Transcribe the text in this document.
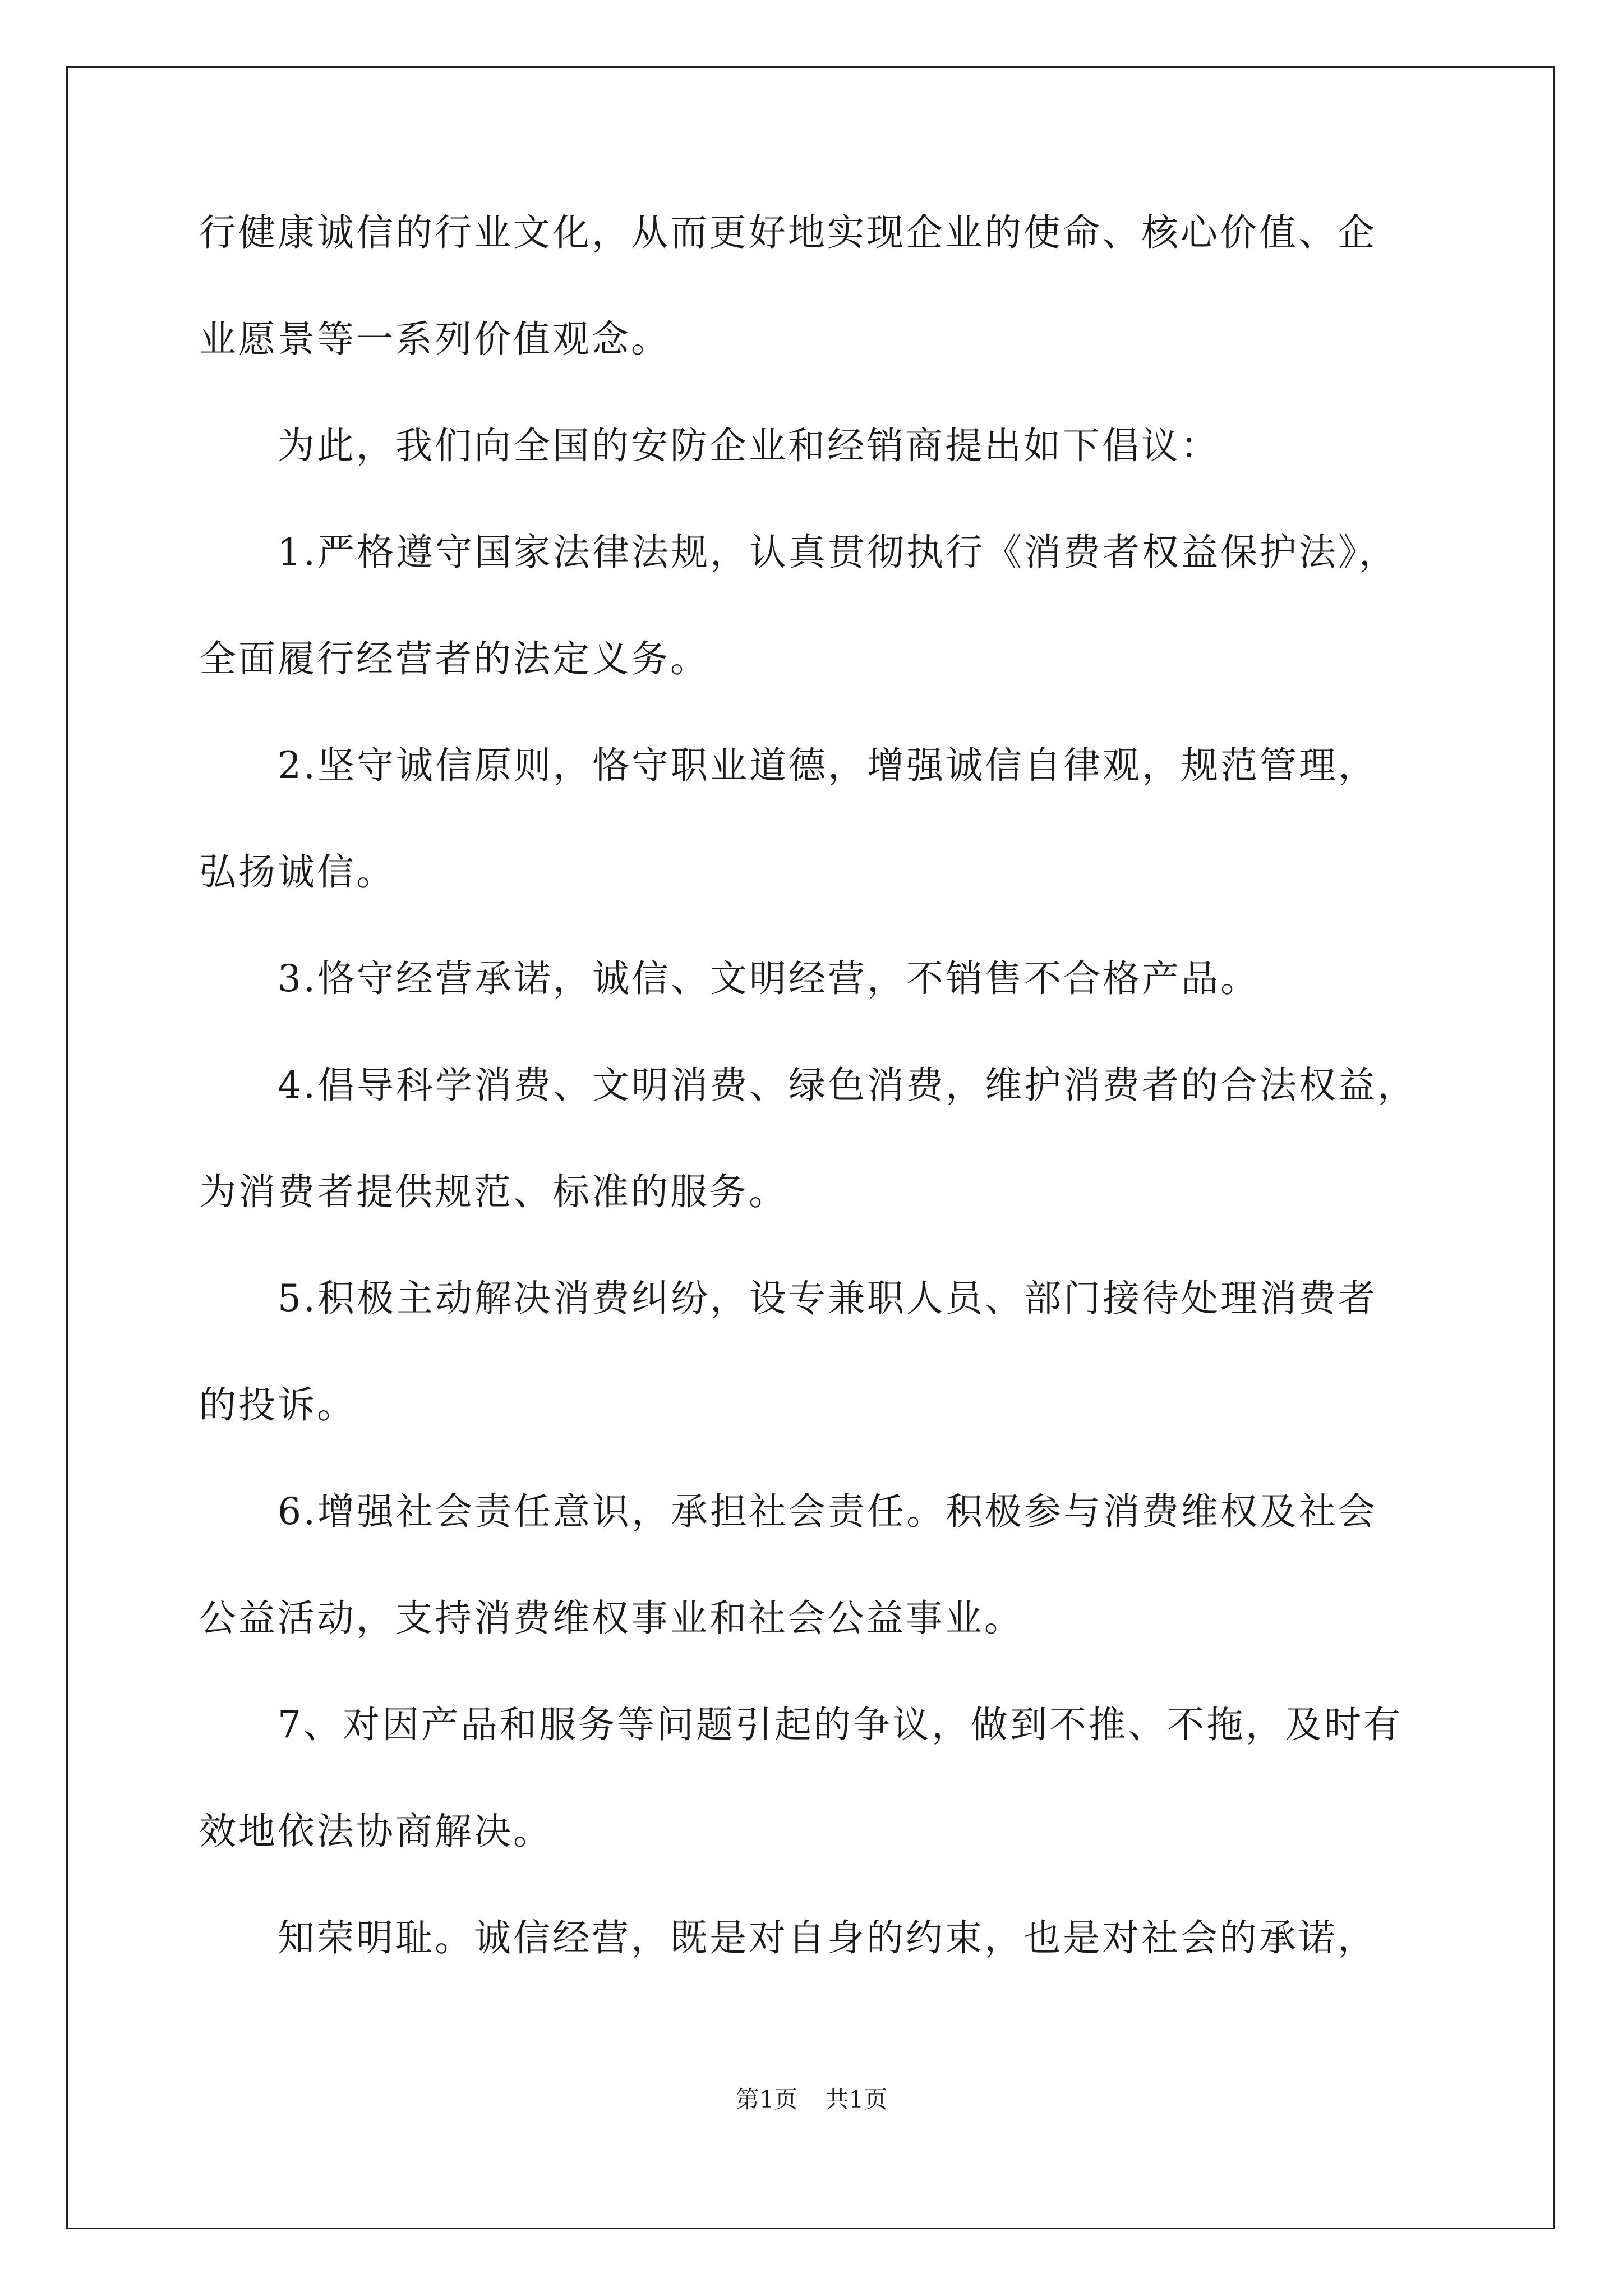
行健康诚信的行业文化，从而更好地实现企业的使命、核心价值、企
业愿景等一系列价值观念。
为此，我们向全国的安防企业和经销商提出如下倡议：
1.严格遵守国家法律法规，认真贯彻执行《消费者权益保护法》，
全面履行经营者的法定义务。
2.坚守诚信原则，恪守职业道德，增强诚信自律观，规范管理，
弘扬诚信。
3.恪守经营承诺，诚信、文明经营，不销售不合格产品。
4.倡导科学消费、文明消费、绿色消费，维护消费者的合法权益，
为消费者提供规范、标准的服务。
5.积极主动解决消费纠纷，设专兼职人员、部门接待处理消费者
的投诉。
6.增强社会责任意识，承担社会责任。积极参与消费维权及社会
公益活动，支持消费维权事业和社会公益事业。
7、对因产品和服务等问题引起的争议，做到不推、不拖，及时有
效地依法协商解决。
知荣明耻。诚信经营，既是对自身的约束，也是对社会的承诺，
第1页 共1页
